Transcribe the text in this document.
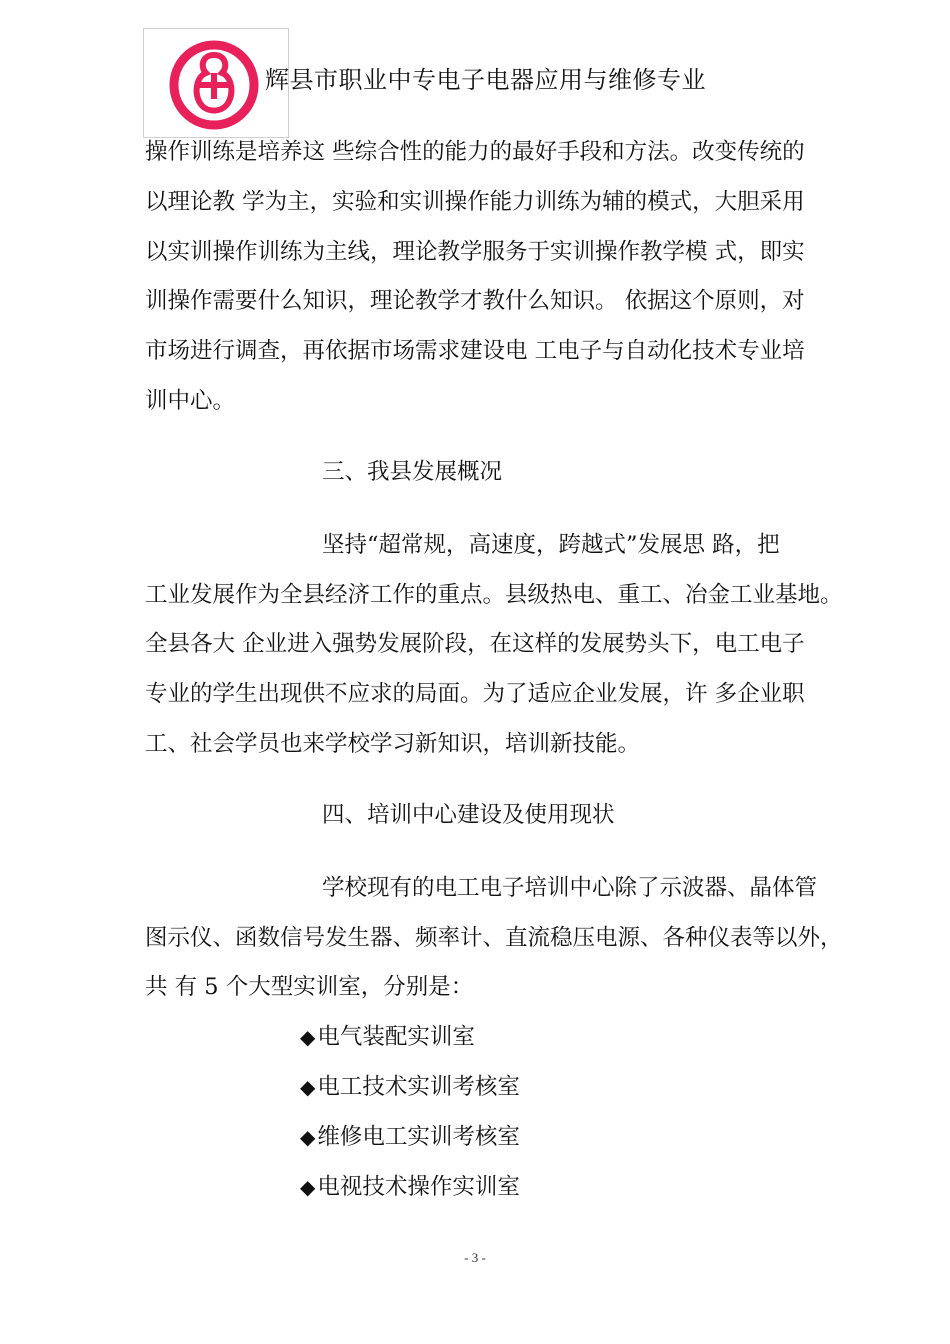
辉县市职业中专电子电器应用与维修专业
操作训练是培养这 些综合性的能力的最好手段和方法。改变传统的
以理论教 学为主，实验和实训操作能力训练为辅的模式，大胆采用
以实训操作训练为主线，理论教学服务于实训操作教学模 式，即实
训操作需要什么知识，理论教学才教什么知识。 依据这个原则，对
市场进行调查，再依据市场需求建设电 工电子与自动化技术专业培
训中心。
三、我县发展概况
坚持“超常规，高速度，跨越式”发展思 路，把
工业发展作为全县经济工作的重点。县级热电、重工、冶金工业基地。
全县各大 企业进入强势发展阶段，在这样的发展势头下，电工电子
专业的学生出现供不应求的局面。为了适应企业发展，许 多企业职
工、社会学员也来学校学习新知识，培训新技能。
四、培训中心建设及使用现状
学校现有的电工电子培训中心除了示波器、晶体管
图示仪、函数信号发生器、频率计、直流稳压电源、各种仪表等以外，
共 有 5 个大型实训室，分别是：
◆电气装配实训室
◆电工技术实训考核室
◆维修电工实训考核室
◆电视技术操作实训室
- 3 -
